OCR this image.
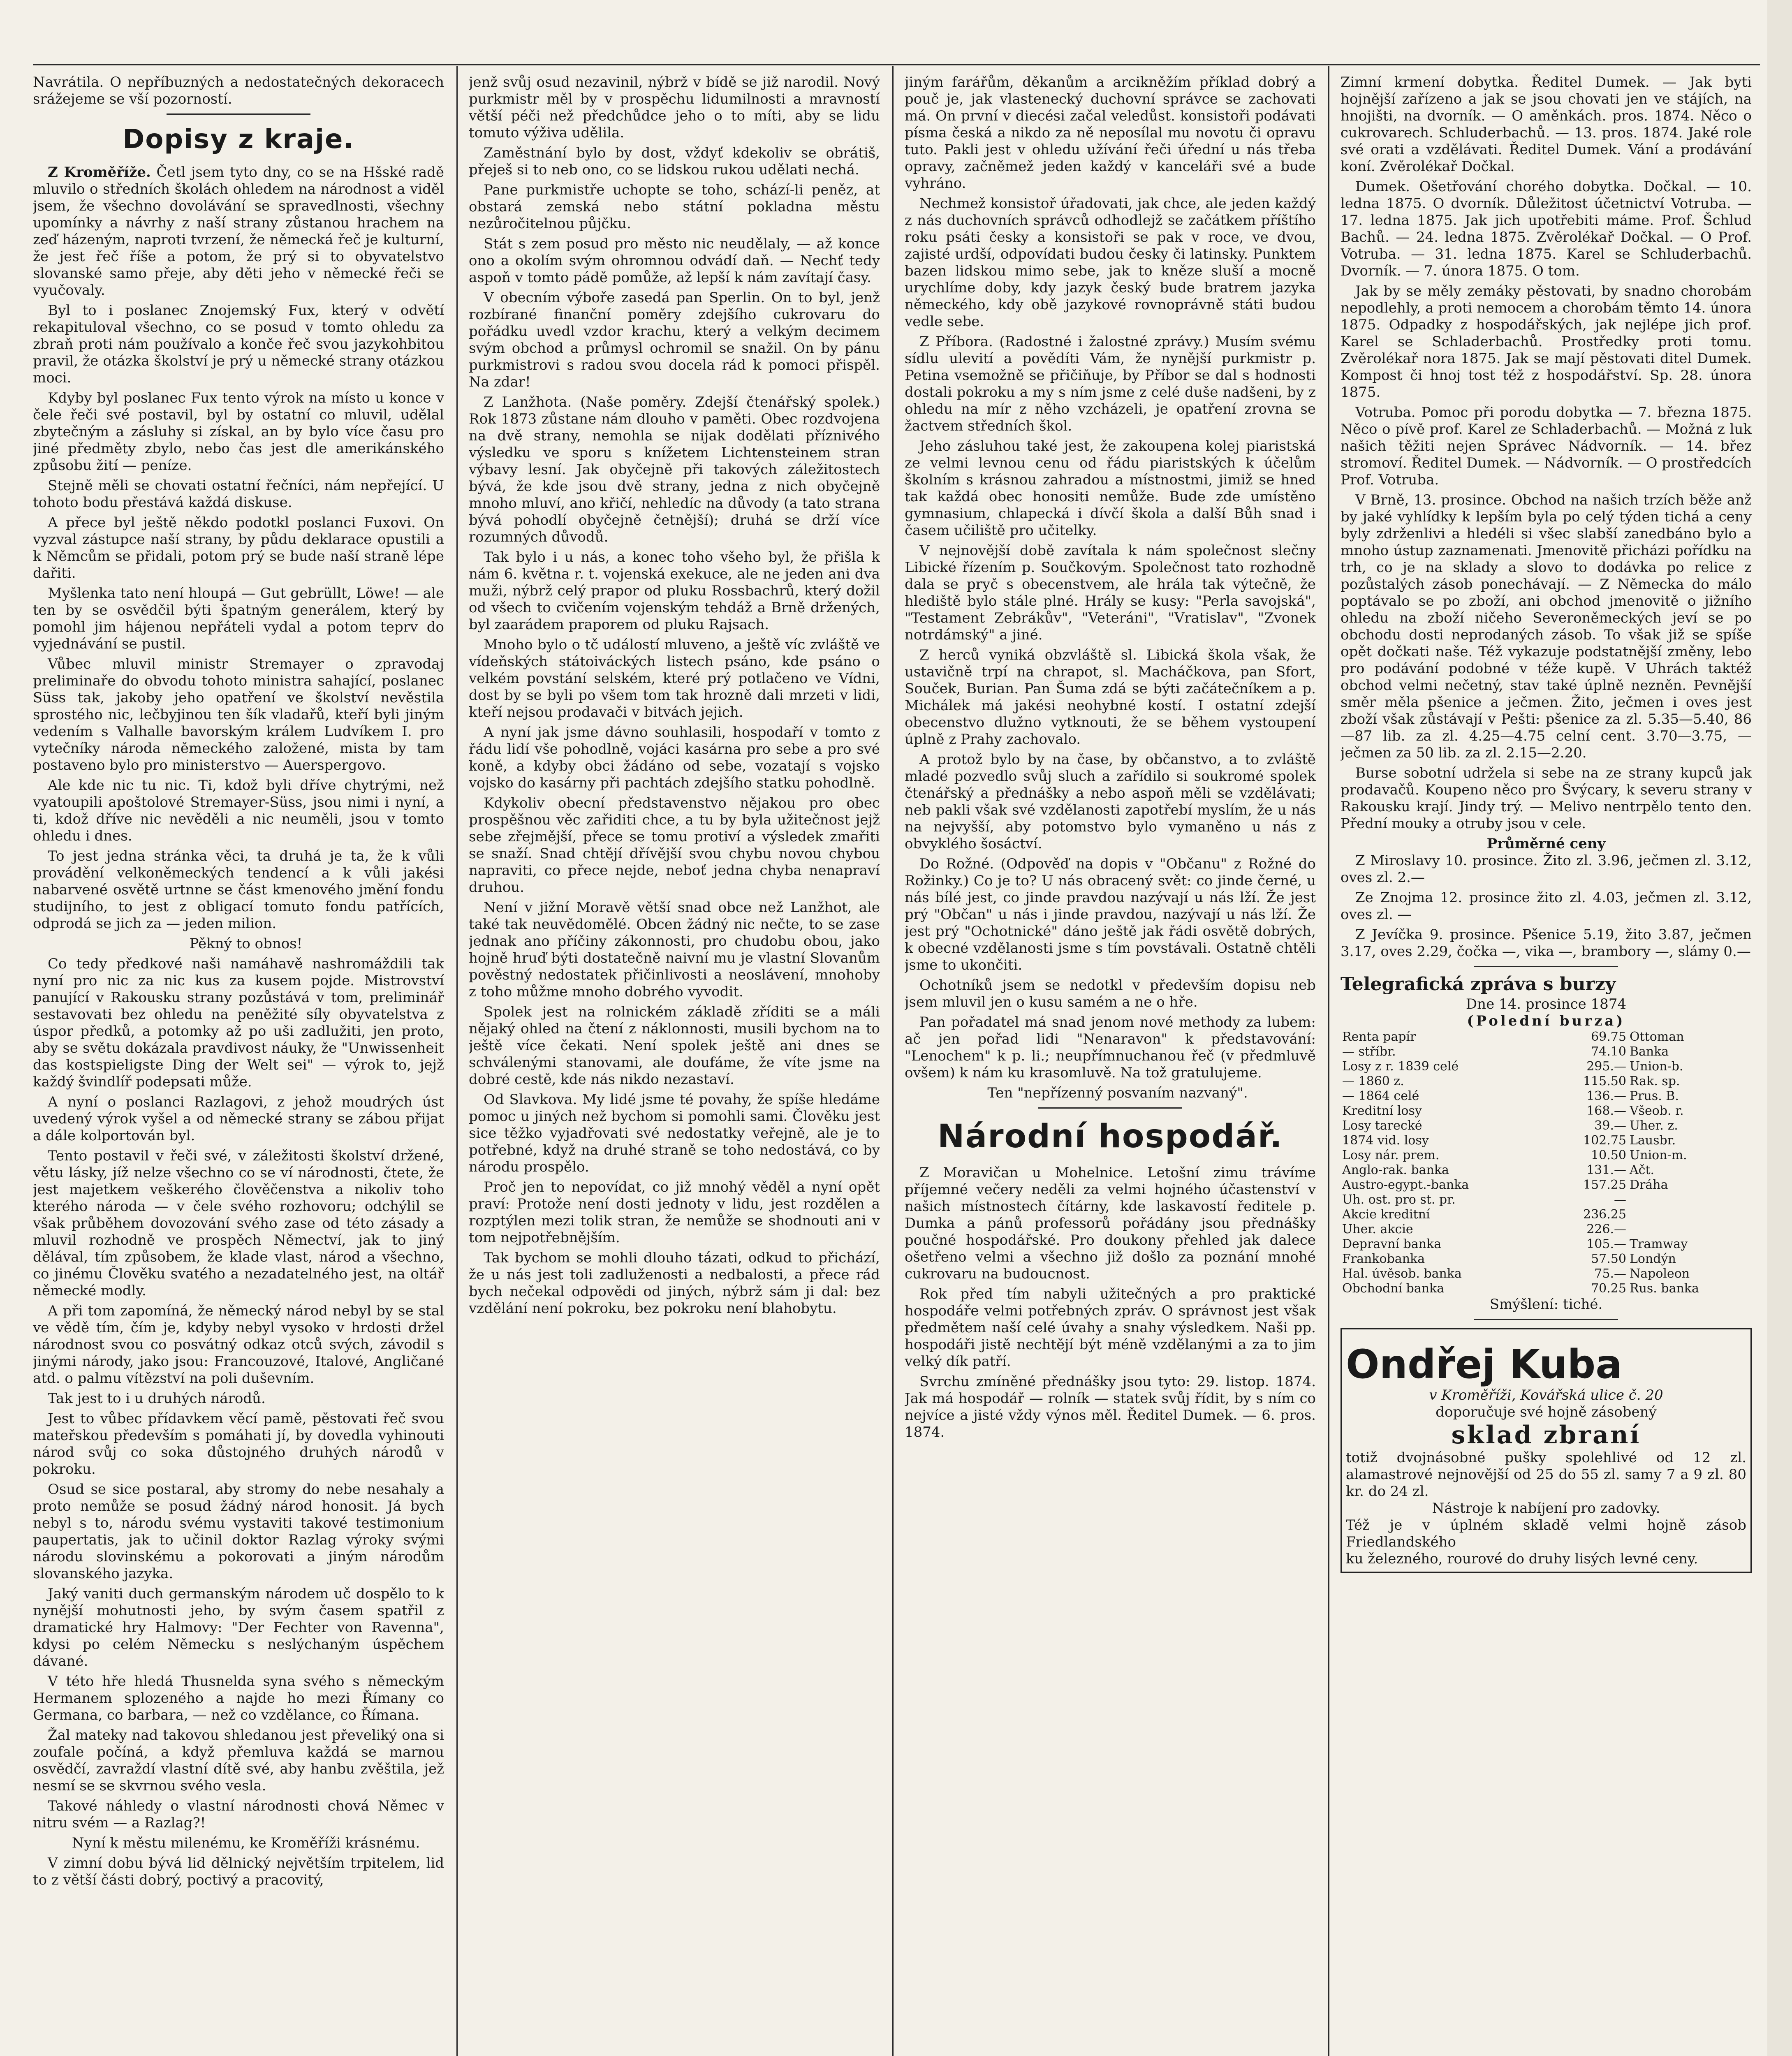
Navrátila. O nepříbuzných a nedostatečných dekoracech srážejeme se vší pozorností.

Dopisy z kraje.

Z Kroměříže. Četl jsem tyto dny, co se na Hšské radě mluvilo o středních školách ohledem na národnost a viděl jsem, že všechno dovolávání se spravedlnosti, všechny upomínky a návrhy z naší strany zůstanou hrachem na zeď házeným, naproti tvrzení, že německá řeč je kulturní, že jest řeč říše a potom, že prý si to obyvatelstvo slovanské samo přeje, aby děti jeho v německé řeči se vyučovaly.

Byl to i poslanec Znojemský Fux, který v odvětí rekapituloval všechno, co se posud v tomto ohledu za zbraň proti nám používalo a konče řeč svou jazykohbitou pravil, že otázka školství je prý u německé strany otázkou moci.

Kdyby byl poslanec Fux tento výrok na místo u konce v čele řeči své postavil, byl by ostatní co mluvil, udělal zbytečným a zásluhy si získal, an by bylo více času pro jiné předměty zbylo, nebo čas jest dle amerikánského způsobu žití — peníze.

Stejně měli se chovati ostatní řečníci, nám nepřející. U tohoto bodu přestává každá diskuse.

A přece byl ještě někdo podotkl poslanci Fuxovi. On vyzval zástupce naší strany, by půdu deklarace opustili a k Němcům se přidali, potom prý se bude naší straně lépe dařiti.

Myšlenka tato není hloupá — Gut gebrüllt, Löwe! — ale ten by se osvědčil býti špatným generálem, který by pomohl jim hájenou nepřáteli vydal a potom teprv do vyjednávání se pustil.

Vůbec mluvil ministr Stremayer o zpravodaj preliminaře do obvodu tohoto ministra sahající, poslanec Süss tak, jakoby jeho opatření ve školství nevěstila sprostého nic, lečbyjinou ten šík vladařů, kteří byli jiným vedením s Valhalle bavorským králem Ludvíkem I. pro vytečníky národa německého založené, mista by tam postaveno bylo pro ministerstvo — Auerspergovo.

Ale kde nic tu nic. Ti, kdož byli dříve chytrými, než vyatoupili apoštolové Stremayer-Süss, jsou nimi i nyní, a ti, kdož dříve nic nevěděli a nic neuměli, jsou v tomto ohledu i dnes.

To jest jedna stránka věci, ta druhá je ta, že k vůli provádění velkoněmeckých tendencí a k vůli jakési nabarvené osvětě urtnne se část kmenového jmění fondu studijního, to jest z obligací tomuto fondu patřících, odprodá se jich za — jeden milion.

Pěkný to obnos!

Co tedy předkové naši namáhavě nashromáždili tak nyní pro nic za nic kus za kusem pojde. Mistrovství panující v Rakousku strany pozůstává v tom, preliminář sestavovati bez ohledu na peněžité síly obyvatelstva z úspor předků, a potomky až po uši zadlužiti, jen proto, aby se světu dokázala pravdivost náuky, že "Unwissenheit das kostspieligste Ding der Welt sei" — výrok to, jejž každý švindlíř podepsati může.

A nyní o poslanci Razlagovi, z jehož moudrých úst uvedený výrok vyšel a od německé strany se zábou přijat a dále kolportován byl.

Tento postavil v řeči své, v záležitosti školství držené, větu lásky, jíž nelze všechno co se ví národnosti, čtete, že jest majetkem veškerého člověčenstva a nikoliv toho kterého národa — v čele svého rozhovoru; odchýlil se však průběhem dovozování svého zase od této zásady a mluvil rozhodně ve prospěch Němectví, jak to jiný dělával, tím způsobem, že klade vlast, národ a všechno, co jinému Člověku svatého a nezadatelného jest, na oltář německé modly.

A při tom zapomíná, že německý národ nebyl by se stal ve vědě tím, čím je, kdyby nebyl vysoko v hrdosti držel národnost svou co posvátný odkaz otců svých, závodil s jinými národy, jako jsou: Francouzové, Italové, Angličané atd. o palmu vítězství na poli duševním.

Tak jest to i u druhých národů.

Jest to vůbec přídavkem věcí pamě, pěstovati řeč svou mateřskou především s pomáhati jí, by dovedla vyhinouti národ svůj co soka důstojného druhých národů v pokroku.

Osud se sice postaral, aby stromy do nebe nesahaly a proto nemůže se posud žádný národ honosit. Já bych nebyl s to, národu svému vystaviti takové testimonium paupertatis, jak to učinil doktor Razlag výroky svými národu slovinskému a pokorovati a jiným národům slovanského jazyka.

Jaký vaniti duch germanským národem uč dospělo to k nynější mohutnosti jeho, by svým časem spatřil z dramatické hry Halmovy: "Der Fechter von Ravenna", kdysi po celém Německu s neslýchaným úspěchem dávané.

V této hře hledá Thusnelda syna svého s německým Hermanem splozeného a najde ho mezi Římany co Germana, co barbara, — než co vzdělance, co Římana.

Žal mateky nad takovou shledanou jest převeliký ona si zoufale počíná, a když přemluva každá se marnou osvědčí, zavraždí vlastní dítě své, aby hanbu zvěštila, jež nesmí se se skvrnou svého vesla.

Takové náhledy o vlastní národnosti chová Němec v nitru svém — a Razlag?!

Nyní k městu milenému, ke Kroměříži krásnému.

V zimní dobu bývá lid dělnický největším trpitelem, lid to z větší části dobrý, poctivý a pracovitý,

jenž svůj osud nezavinil, nýbrž v bídě se již narodil. Nový purkmistr měl by v prospěchu lidumilnosti a mravností větší péči než předchůdce jeho o to míti, aby se lidu tomuto výživa udělila.

Zaměstnání bylo by dost, vždyť kdekoliv se obrátiš, přeješ si to neb ono, co se lidskou rukou udělati nechá.

Pane purkmistře uchopte se toho, schází-li peněz, at obstará zemská nebo státní pokladna městu nezůročitelnou půjčku.

Stát s zem posud pro město nic neudělaly, — až konce ono a okolím svým ohromnou odvádí daň. — Nechť tedy aspoň v tomto pádě pomůže, až lepší k nám zavítají časy.

V obecním výboře zasedá pan Sperlin. On to byl, jenž rozbírané finanční poměry zdejšího cukrovaru do pořádku uvedl vzdor krachu, který a velkým decimem svým obchod a průmysl ochromil se snažil. On by pánu purkmistrovi s radou svou docela rád k pomoci přispěl. Na zdar!

Z Lanžhota. (Naše poměry. Zdejší čtenářský spolek.) Rok 1873 zůstane nám dlouho v paměti. Obec rozdvojena na dvě strany, nemohla se nijak dodělati příznivého výsledku ve sporu s knížetem Lichtensteinem stran výbavy lesní. Jak obyčejně při takových záležitostech bývá, že kde jsou dvě strany, jedna z nich obyčejně mnoho mluví, ano křičí, nehledíc na důvody (a tato strana bývá pohodlí obyčejně četnější); druhá se drží více rozumných důvodů.

Tak bylo i u nás, a konec toho všeho byl, že přišla k nám 6. května r. t. vojenská exekuce, ale ne jeden ani dva muži, nýbrž celý prapor od pluku Rossbachrů, který dožil od všech to cvičením vojenským tehdáž a Brně držených, byl zaarádem praporem od pluku Rajsach.

Mnoho bylo o tč událostí mluveno, a ještě víc zvláště ve vídeňských státoiváckých listech psáno, kde psáno o velkém povstání selském, které prý potlačeno ve Vídni, dost by se byli po všem tom tak hrozně dali mrzeti v lidi, kteří nejsou prodavači v bitvách jejich.

A nyní jak jsme dávno souhlasili, hospodaří v tomto z řádu lidí vše pohodlně, vojáci kasárna pro sebe a pro své koně, a kdyby obci žádáno od sebe, vozatají s vojsko vojsko do kasárny při pachtách zdejšího statku pohodlně.

Kdykoliv obecní představenstvo nějakou pro obec prospěšnou věc zařiditi chce, a tu by byla užitečnost jejž sebe zřejmější, přece se tomu protiví a výsledek zmařiti se snaží. Snad chtějí dřívější svou chybu novou chybou napraviti, co přece nejde, neboť jedna chyba nenapraví druhou.

Není v jižní Moravě větší snad obce než Lanžhot, ale také tak neuvědomělé. Obcen žádný nic nečte, to se zase jednak ano příčiny zákonnosti, pro chudobu obou, jako hojně hruď býti dostatečně naivní mu je vlastní Slovanům pověstný nedostatek přičinlivosti a neoslávení, mnohoby z toho můžme mnoho dobrého vyvodit.

Spolek jest na rolnickém základě zříditi se a máli nějaký ohled na čtení z náklonnosti, musili bychom na to ještě více čekati. Není spolek ještě ani dnes se schválenými stanovami, ale doufáme, že víte jsme na dobré cestě, kde nás nikdo nezastaví.

Od Slavkova. My lidé jsme té povahy, že spíše hledáme pomoc u jiných než bychom si pomohli sami. Člověku jest sice těžko vyjadřovati své nedostatky veřejně, ale je to potřebné, když na druhé straně se toho nedostává, co by národu prospělo.

Proč jen to nepovídat, co již mnohý věděl a nyní opět praví: Protože není dosti jednoty v lidu, jest rozdělen a rozptýlen mezi tolik stran, že nemůže se shodnouti ani v tom nejpotřebnějším.

Tak bychom se mohli dlouho tázati, odkud to přichází, že u nás jest toli zadluženosti a nedbalosti, a přece rád bych nečekal odpovědi od jiných, nýbrž sám ji dal: bez vzdělání není pokroku, bez pokroku není blahobytu.

jiným farářům, děkanům a arcikněžím příklad dobrý a pouč je, jak vlastenecký duchovní správce se zachovati má. On první v diecési začal veledůst. konsistoři podávati písma česká a nikdo za ně neposílal mu novotu či opravu tuto. Pakli jest v ohledu užívání řeči úřední u nás třeba opravy, začněmež jeden každý v kanceláři své a bude vyhráno.

Nechmež konsistoř úřadovati, jak chce, ale jeden každý z nás duchovních správců odhodlejž se začátkem příštího roku psáti česky a konsistoři se pak v roce, ve dvou, zajisté urdší, odpovídati budou česky či latinsky. Punktem bazen lidskou mimo sebe, jak to kněze sluší a mocně urychlíme doby, kdy jazyk český bude bratrem jazyka německého, kdy obě jazykové rovnoprávně státi budou vedle sebe.

Z Příbora. (Radostné i žalostné zprávy.) Musím svému sídlu ulevití a povědíti Vám, že nynější purkmistr p. Petina vsemožně se přičiňuje, by Příbor se dal s hodnosti dostali pokroku a my s ním jsme z celé duše nadšeni, by z ohledu na mír z něho vzcházeli, je opatření zrovna se žactvem středních škol.

Jeho zásluhou také jest, že zakoupena kolej piaristská ze velmi levnou cenu od řádu piaristských k účelům školním s krásnou zahradou a místnostmi, jimiž se hned tak každá obec honositi nemůže. Bude zde umístěno gymnasium, chlapecká i dívčí škola a další Bůh snad i časem učiliště pro učitelky.

V nejnovější době zavítala k nám společnost slečny Libické řízením p. Součkovým. Společnost tato rozhodně dala se pryč s obecenstvem, ale hrála tak výtečně, že hlediště bylo stále plné. Hrály se kusy: "Perla savojská", "Testament Zebrákův", "Veteráni", "Vratislav", "Zvonek notrdámský" a jiné.

Z herců vyniká obzvláště sl. Libická škola však, že ustavičně trpí na chrapot, sl. Macháčkova, pan Sfort, Souček, Burian. Pan Šuma zdá se býti začátečníkem a p. Michálek má jakési neohybné kostí. I ostatní zdejší obecenstvo dlužno vytknouti, že se během vystoupení úplně z Prahy zachovalo.

A protož bylo by na čase, by občanstvo, a to zvláště mladé pozvedlo svůj sluch a zařídilo si soukromé spolek čtenářský a přednášky a nebo aspoň měli se vzdělávati; neb pakli však své vzdělanosti zapotřebí myslím, že u nás na nejvyšší, aby potomstvo bylo vymaněno u nás z obvyklého šosáctví.

Do Rožné. (Odpověď na dopis v "Občanu" z Rožné do Rožinky.) Co je to? U nás obracený svět: co jinde černé, u nás bílé jest, co jinde pravdou nazývají u nás lží. Že jest prý "Občan" u nás i jinde pravdou, nazývají u nás lží. Že jest prý "Ochotnické" dáno ještě jak řádi osvětě dobrých, k obecné vzdělanosti jsme s tím povstávali. Ostatně chtěli jsme to ukončiti.

Ochotníků jsem se nedotkl v především dopisu neb jsem mluvil jen o kusu samém a ne o hře.

Pan pořadatel má snad jenom nové methody za lubem: ač jen pořad lidi "Nenaravon" k představování: "Lenochem" k p. li.; neupřímnuchanou řeč (v předmluvě ovšem) k nám ku krasomluvě. Na tož gratulujeme.

Ten "nepřízenný posvaním nazvaný".

Národní hospodář.

Z Moravičan u Mohelnice. Letošní zimu trávíme příjemné večery neděli za velmi hojného účastenství v našich místnostech čítárny, kde laskavostí ředitele p. Dumka a pánů professorů pořádány jsou přednášky poučné hospodářské. Pro doukony přehled jak dalece ošetřeno velmi a všechno již došlo za poznání mnohé cukrovaru na budoucnost.

Rok před tím nabyli užitečných a pro praktické hospodáře velmi potřebných zpráv. O správnost jest však předmětem naší celé úvahy a snahy výsledkem. Naši pp. hospodáři jistě nechtějí být méně vzdělanými a za to jim velký dík patří.

Svrchu zmíněné přednášky jsou tyto: 29. listop. 1874. Jak má hospodář — rolník — statek svůj řídit, by s ním co nejvíce a jisté vždy výnos měl. Ředitel Dumek. — 6. pros. 1874.

Zimní krmení dobytka. Ředitel Dumek. — Jak byti hojnější zařízeno a jak se jsou chovati jen ve stájích, na hnojišti, na dvorník. — O aměnkách. pros. 1874. Něco o cukrovarech. Schluderbachů. — 13. pros. 1874. Jaké role své orati a vzdělávati. Ředitel Dumek. Vání a prodávání koní. Zvěrolékař Dočkal.

Dumek. Ošetřování chorého dobytka. Dočkal. — 10. ledna 1875. O dvorník. Důležitost účetnictví Votruba. — 17. ledna 1875. Jak jich upotřebiti máme. Prof. Šchlud Bachů. — 24. ledna 1875. Zvěrolékař Dočkal. — O Prof. Votruba. — 31. ledna 1875. Karel se Schluderbachů. Dvorník. — 7. února 1875. O tom.

Jak by se měly zemáky pěstovati, by snadno chorobám nepodlehly, a proti nemocem a chorobám těmto 14. února 1875. Odpadky z hospodářských, jak nejlépe jich prof. Karel se Schladerbachů. Prostředky proti tomu. Zvěrolékař nora 1875. Jak se mají pěstovati ditel Dumek. Kompost či hnoj tost též z hospodářství. Sp. 28. února 1875.

Votruba. Pomoc při porodu dobytka — 7. března 1875. Něco o pívě prof. Karel ze Schladerbachů. — Možná z luk našich těžiti nejen Správec Nádvorník. — 14. břez stromoví. Ředitel Dumek. — Nádvorník. — O prostředcích Prof. Votruba.

V Brně, 13. prosince. Obchod na našich trzích běže anž by jaké vyhlídky k lepším byla po celý týden tichá a ceny byly zdrženlivi a hledéli si všec slabší zanedbáno bylo a mnoho ústup zaznamenati. Jmenovitě přicházi pořídku na trh, co je na sklady a slovo to dodávka po relice z pozůstalých zásob ponechávají. — Z Německa do málo poptávalo se po zboží, ani obchod jmenovitě o jižního ohledu na zboží ničeho Severoněmeckých jeví se po obchodu dosti neprodaných zásob. To však již se spíše opět dočkati naše. Též vykazuje podstatnější změny, lebo pro podávání podobné v téže kupě. V Uhrách taktéž obchod velmi nečetný, stav také úplně nezněn. Pevnější směr měla pšenice a ječmen. Žito, ječmen i oves jest zboží však zůstávají v Pešti: pšenice za zl. 5.35—5.40, 86—87 lib. za zl. 4.25—4.75 celní cent. 3.70—3.75, — ječmen za 50 lib. za zl. 2.15—2.20.

Burse sobotní udržela si sebe na ze strany kupců jak prodavačů. Koupeno něco pro Švýcary, k severu strany v Rakousku krají. Jindy trý. — Melivo nentrpělo tento den. Přední mouky a otruby jsou v cele.

Průměrné ceny

Z Miroslavy 10. prosince. Žito zl. 3.96, ječmen zl. 3.12, oves zl. 2.—

Ze Znojma 12. prosince žito zl. 4.03, ječmen zl. 3.12, oves zl. —

Z Jevíčka 9. prosince. Pšenice 5.19, žito 3.87, ječmen 3.17, oves 2.29, čočka —, vika —, brambory —, slámy 0.—

Telegrafická zpráva s burzy
Dne 14. prosince 1874
(Polední burza)
Renta papír	69.75	Ottoman	
— stříbr.	74.10	Banka	
Losy z r. 1839 celé	295.—	Union-b.	
— 1860 z.	115.50	Rak. sp.	
— 1864 celé	136.—	Prus. B.	
Kreditní losy	168.—	Všeob. r.	
Losy tarecké	39.—	Uher. z.	
1874 vid. losy	102.75	Lausbr.	
Losy nár. prem.	10.50	Union-m.	
Anglo-rak. banka	131.—	Ačt.	
Austro-egypt.-banka	157.25	Dráha	
Uh. ost. pro st. pr.	—		
Akcie kreditní	236.25		
Uher. akcie	226.—		
Depravní banka	105.—	Tramway	
Frankobanka	57.50	Londýn	
Hal. úvěsob. banka	75.—	Napoleon	
Obchodní banka	70.25	Rus. banka	
Smýšlení: tiché.
Ondřej Kuba
v Kroměříži, Kovářská ulice č. 20
doporučuje své hojně zásobený
sklad zbraní
totiž dvojnásobné pušky spolehlivé od 12 zl. alamastrové nejnovější od 25 do 55 zl. samy 7 a 9 zl. 80 kr. do 24 zl.
Nástroje k nabíjení pro zadovky.
Též je v úplném skladě velmi hojně zásob Friedlandského
ku železného, rourové do druhy lisých levné ceny.
